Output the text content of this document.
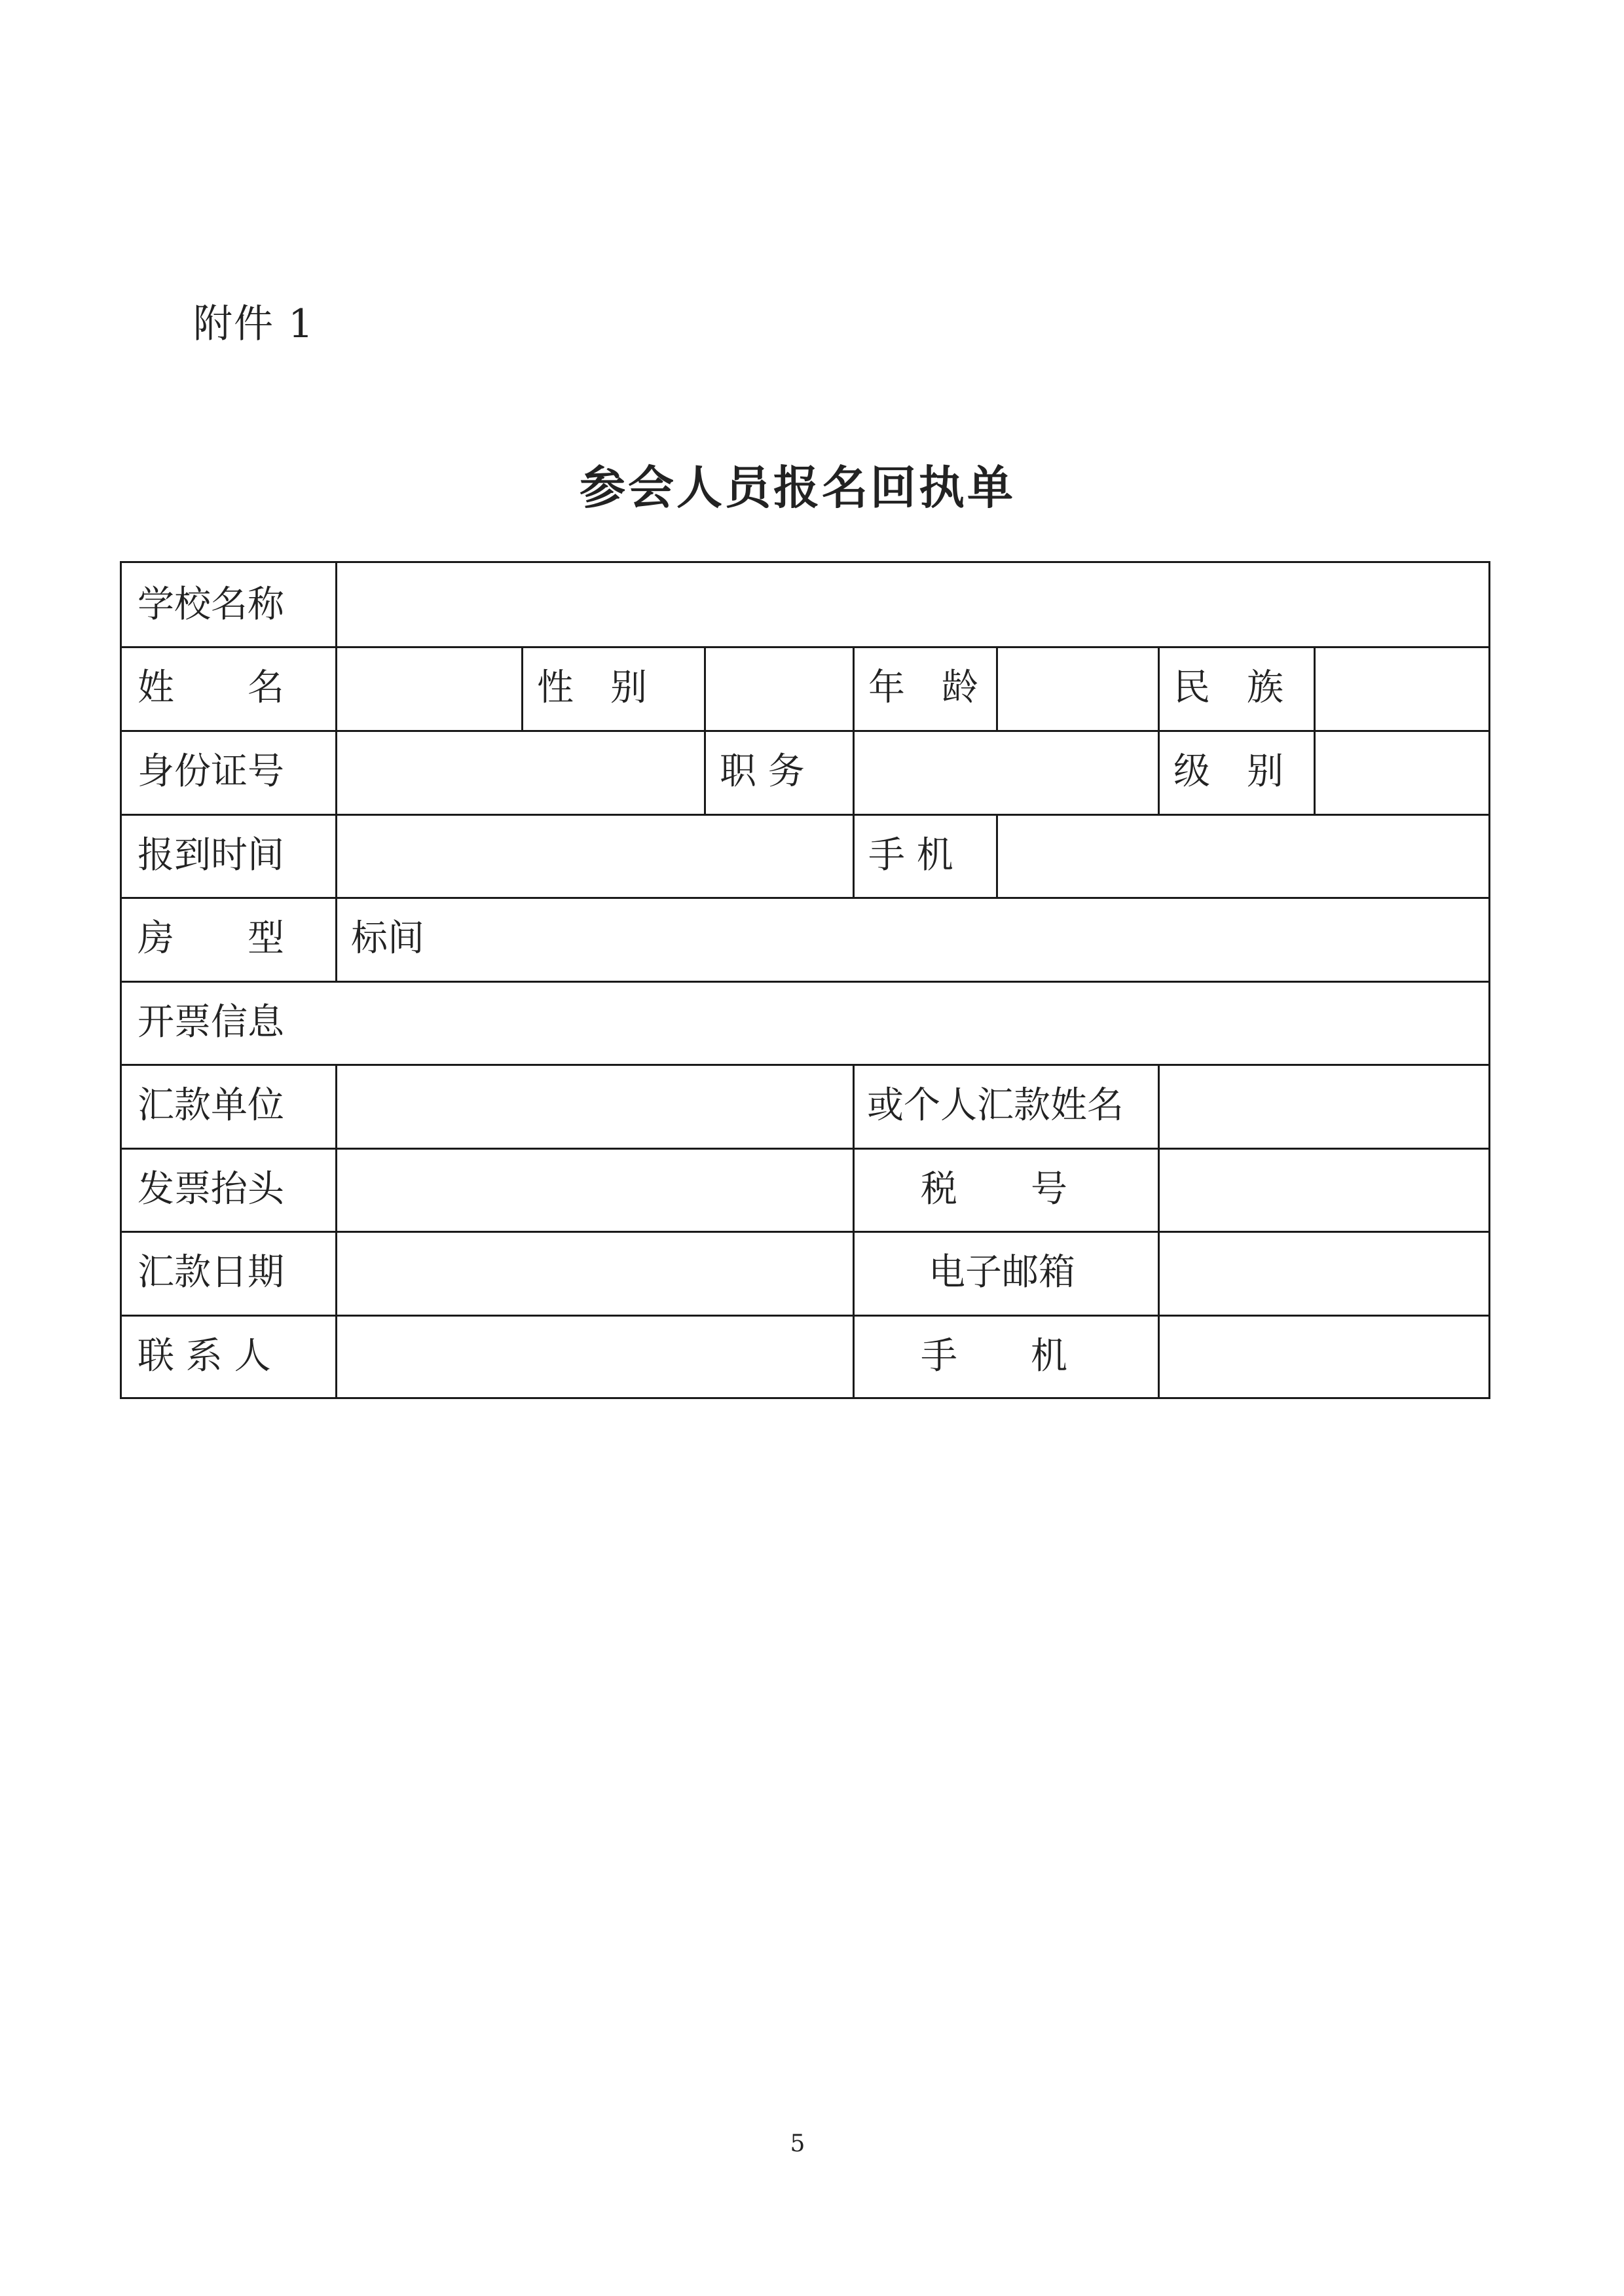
附件 1
参会人员报名回执单
学校名称
姓　　名	性　别	年　龄	民　族
身份证号	职 务	级　别
报到时间	手 机
房　　型 标间
开票信息
汇款单位	或个人汇款姓名
发票抬头	税　　号
汇款日期	电子邮箱
联 系 人	手　　机
5
